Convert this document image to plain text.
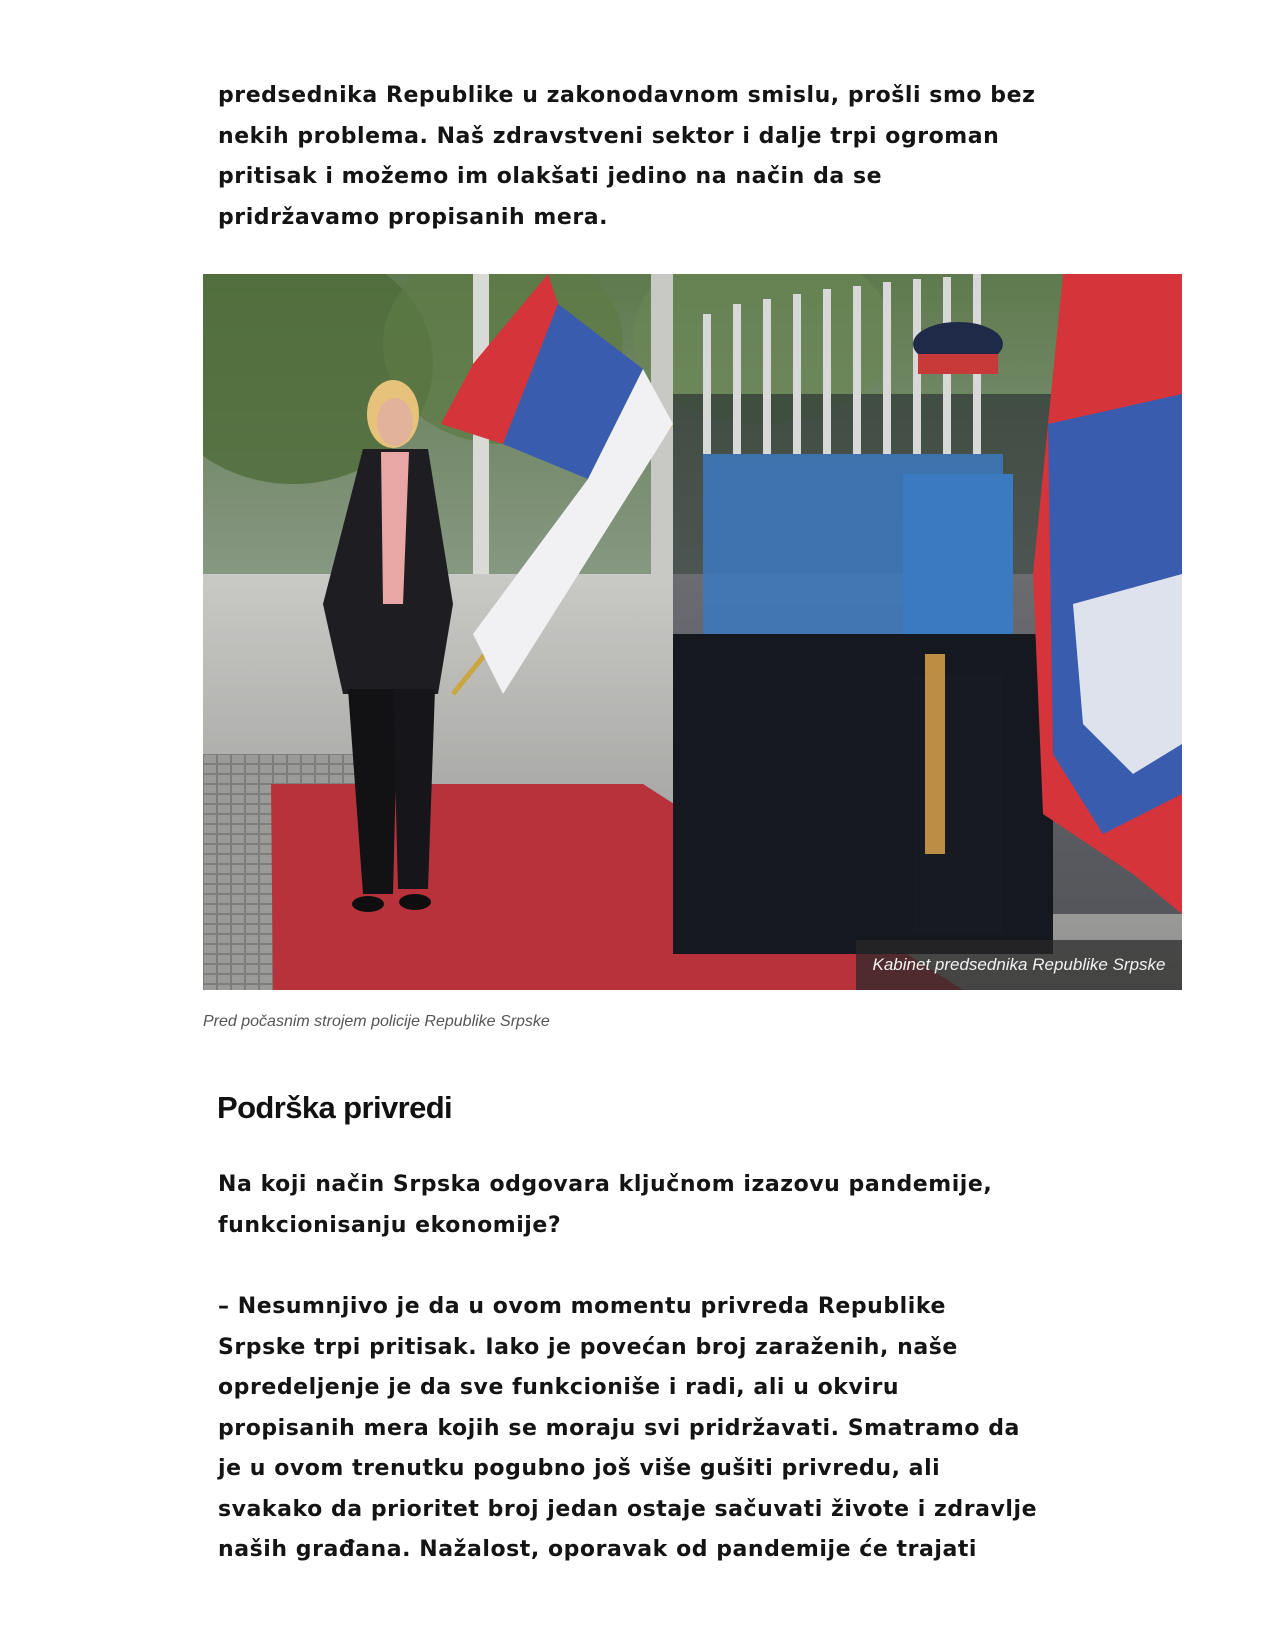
predsednika Republike u zakonodavnom smislu, prošli smo bez
nekih problema. Naš zdravstveni sektor i dalje trpi ogroman
pritisak i možemo im olakšati jedino na način da se
pridržavamo propisanih mera.
Kabinet predsednika Republike Srpske
Pred počasnim strojem policije Republike Srpske
Podrška privredi
Na koji način Srpska odgovara ključnom izazovu pandemije,
funkcionisanju ekonomije?
– Nesumnjivo je da u ovom momentu privreda Republike
Srpske trpi pritisak. Iako je povećan broj zaraženih, naše
opredeljenje je da sve funkcioniše i radi, ali u okviru
propisanih mera kojih se moraju svi pridržavati. Smatramo da
je u ovom trenutku pogubno još više gušiti privredu, ali
svakako da prioritet broj jedan ostaje sačuvati živote i zdravlje
naših građana. Nažalost, oporavak od pandemije će trajati
